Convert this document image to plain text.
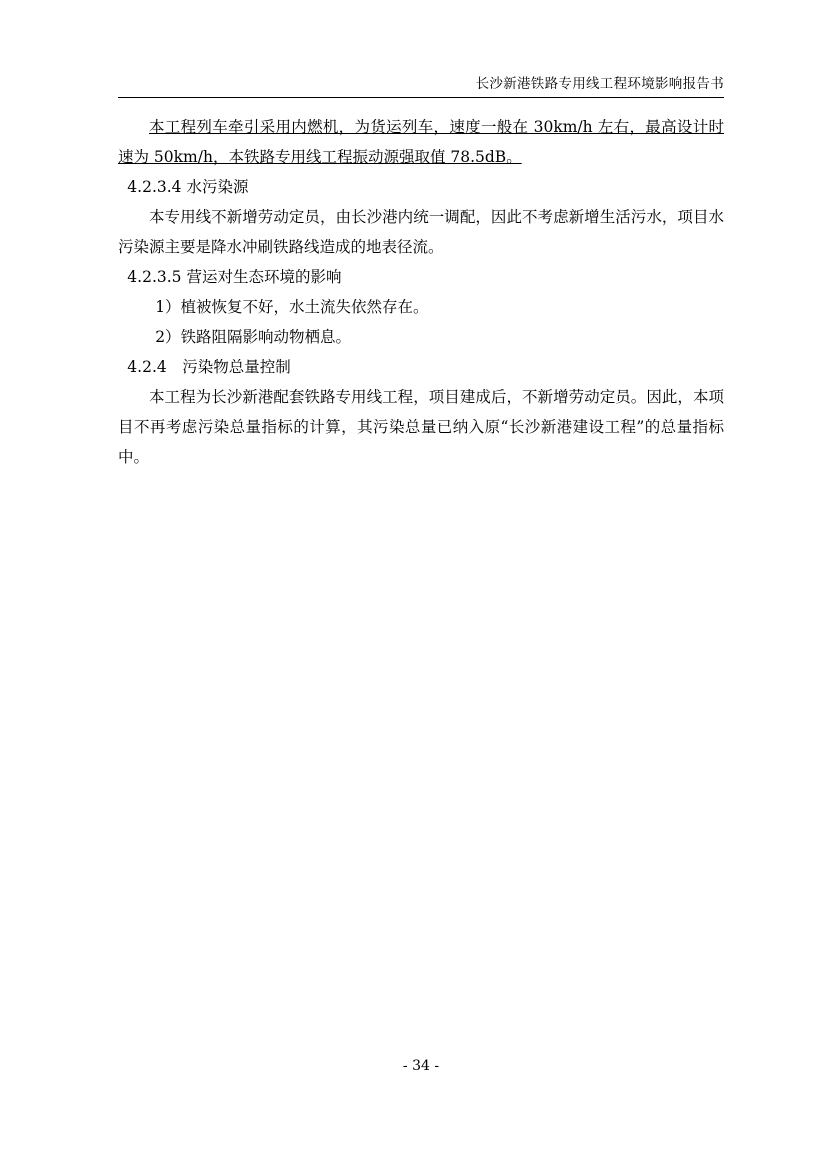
长沙新港铁路专用线工程环境影响报告书

本工程列车牵引采用内燃机，为货运列车，速度一般在 30km/h 左右，最高设计时速为 50km/h，本铁路专用线工程振动源强取值 78.5dB。

4.2.3.4 水污染源

本专用线不新增劳动定员，由长沙港内统一调配，因此不考虑新增生活污水，项目水污染源主要是降水冲刷铁路线造成的地表径流。

4.2.3.5 营运对生态环境的影响

1）植被恢复不好，水土流失依然存在。

2）铁路阻隔影响动物栖息。

4.2.4　污染物总量控制

本工程为长沙新港配套铁路专用线工程，项目建成后，不新增劳动定员。因此，本项目不再考虑污染总量指标的计算，其污染总量已纳入原“长沙新港建设工程”的总量指标中。

- 34 -
